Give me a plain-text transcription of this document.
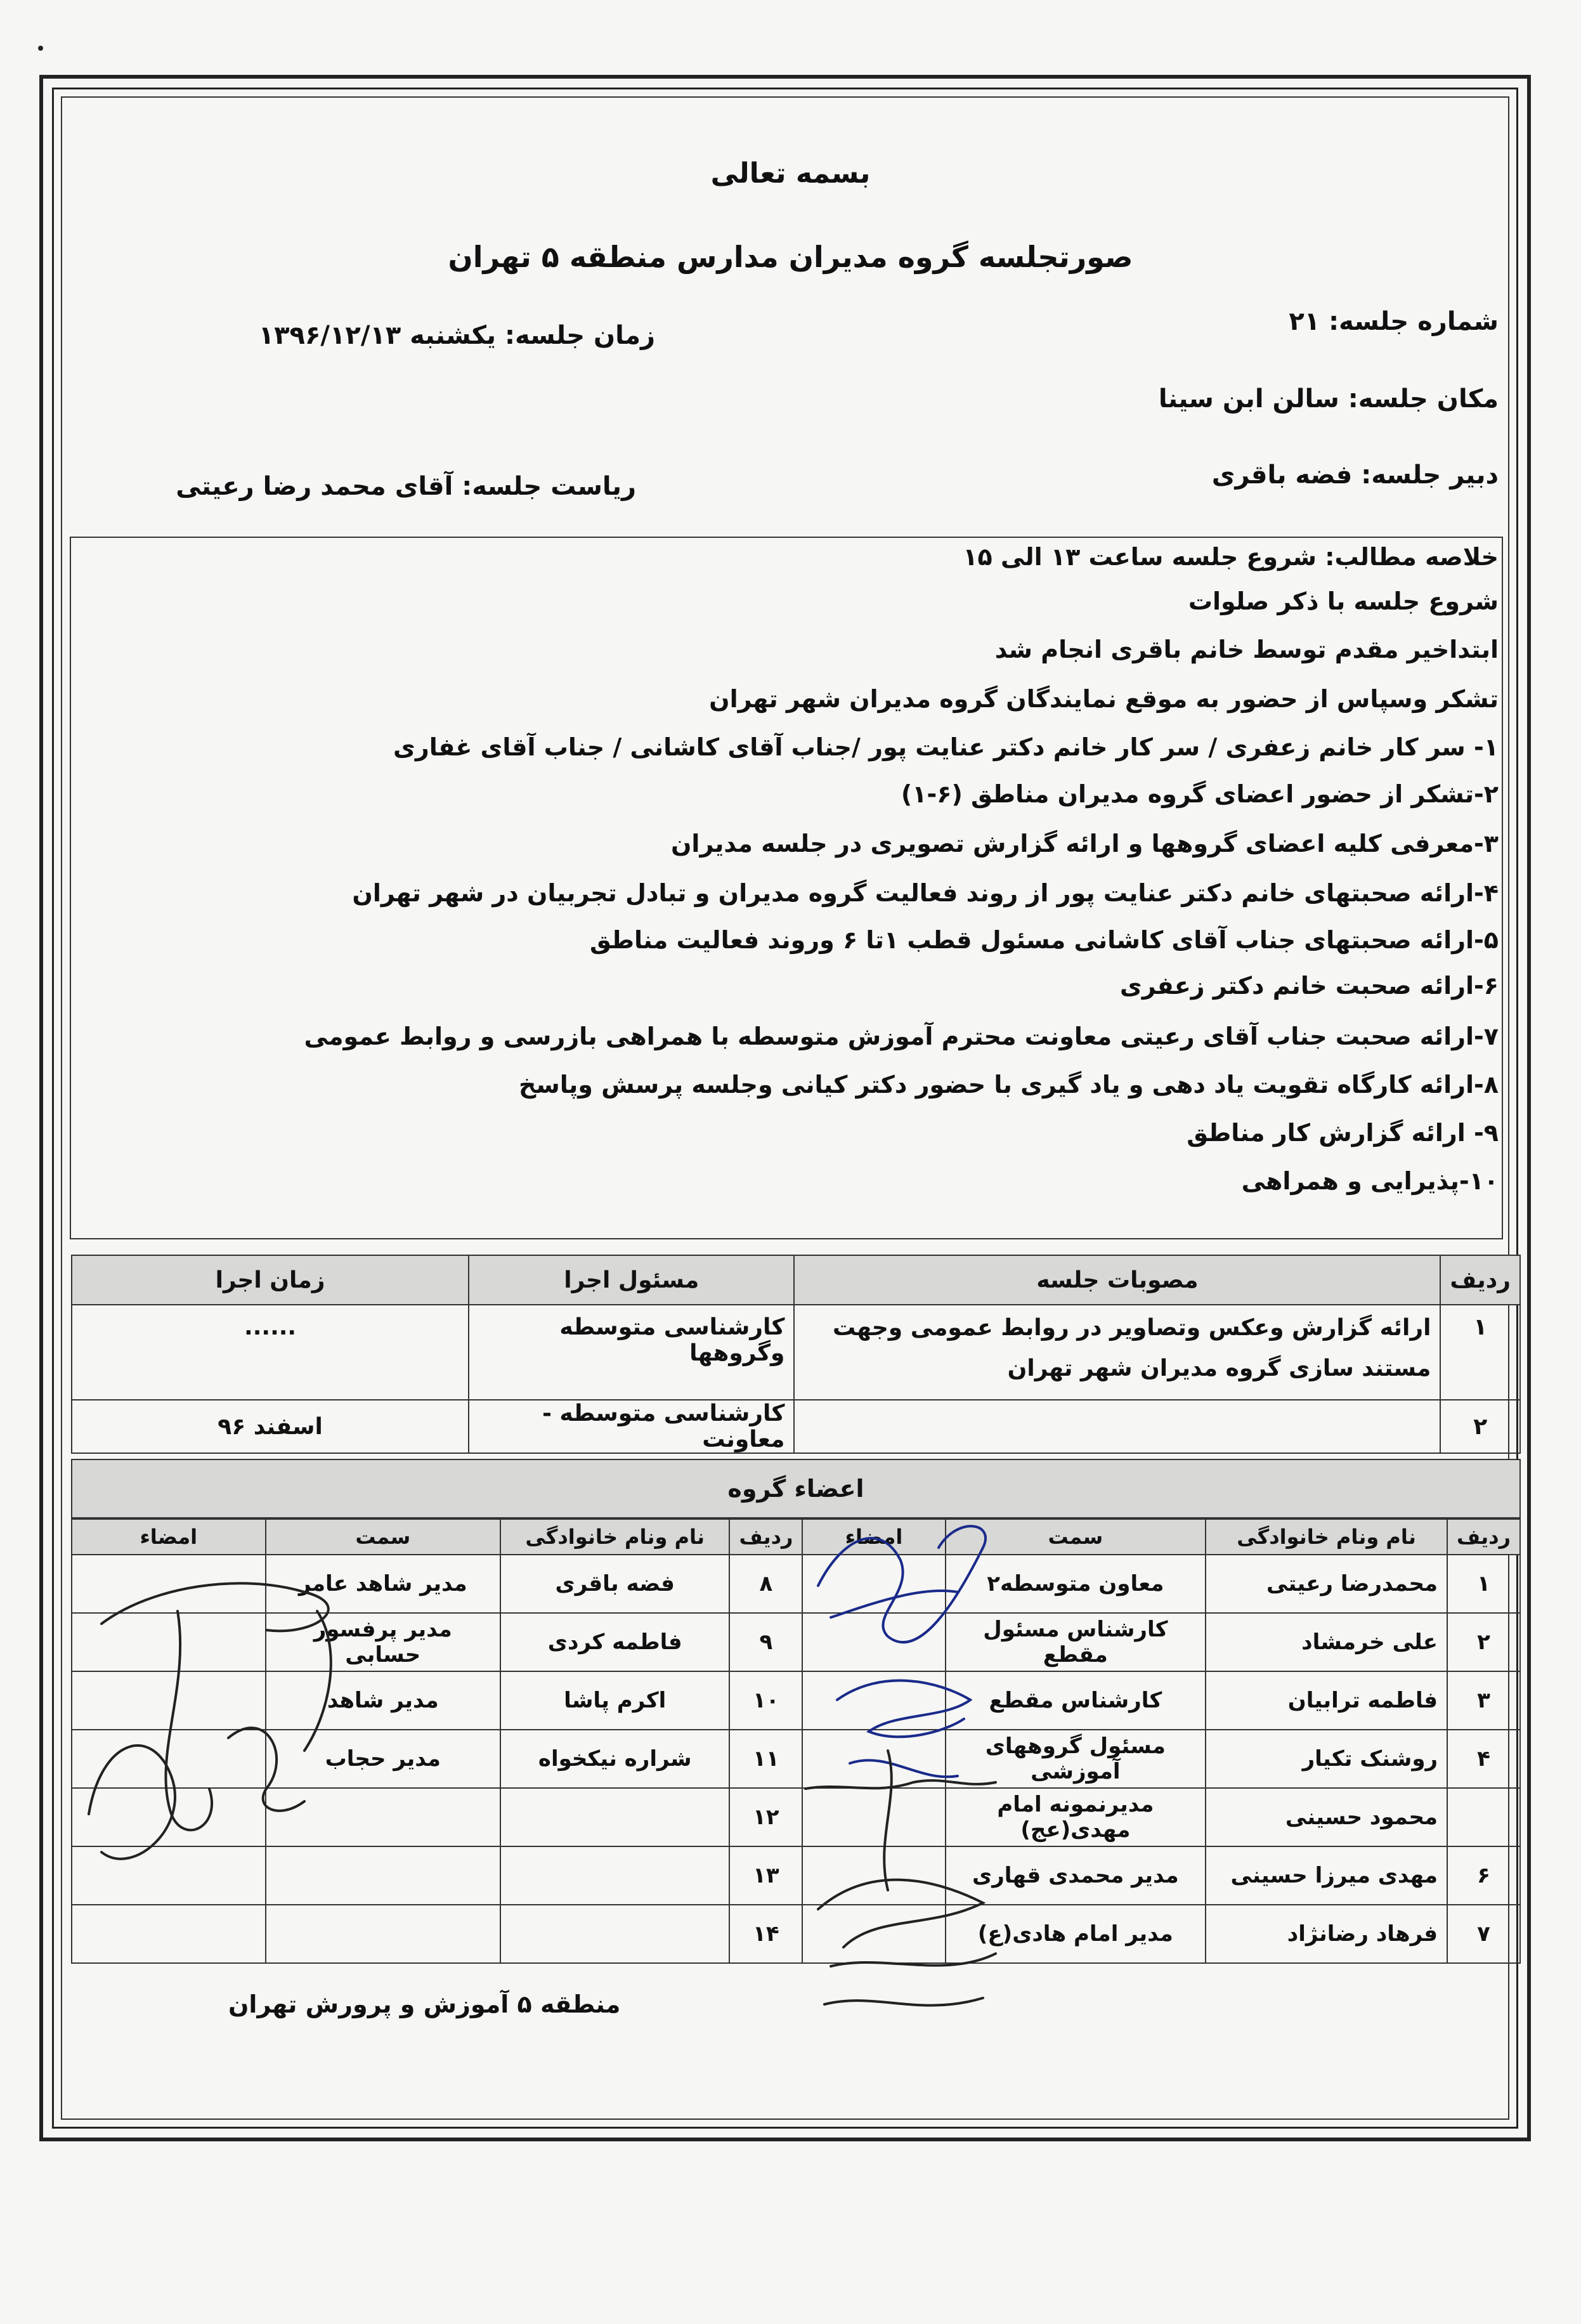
بسمه تعالی
صورتجلسه گروه مدیران مدارس منطقه ۵ تهران
شماره جلسه: ۲۱
زمان جلسه: یکشنبه ۱۳۹۶/۱۲/۱۳
مکان جلسه: سالن ابن سینا
دبیر جلسه: فضه باقری
ریاست جلسه: آقای محمد رضا رعیتی
خلاصه مطالب: شروع جلسه ساعت ۱۳ الی ۱۵
شروع جلسه با ذکر صلوات
ابتداخیر مقدم توسط خانم باقری انجام شد
تشکر وسپاس از حضور به موقع نمایندگان گروه مدیران شهر تهران
۱- سر کار خانم زعفری / سر کار خانم دکتر عنایت پور /جناب آقای کاشانی / جناب آقای غفاری
۲-تشکر از حضور اعضای گروه مدیران مناطق (۶-۱)
۳-معرفی کلیه اعضای گروهها و ارائه گزارش تصویری در جلسه مدیران
۴-ارائه صحبتهای خانم دکتر عنایت پور از روند فعالیت گروه مدیران و تبادل تجربیان در شهر تهران
۵-ارائه صحبتهای جناب آقای کاشانی مسئول قطب ۱تا ۶ وروند فعالیت مناطق
۶-ارائه صحبت خانم دکتر زعفری
۷-ارائه صحبت جناب آقای رعیتی معاونت محترم آموزش متوسطه با همراهی بازرسی و روابط عمومی
۸-ارائه کارگاه تقویت یاد دهی و یاد گیری با حضور دکتر کیانی وجلسه پرسش وپاسخ
۹- ارائه گزارش کار مناطق
۱۰-پذیرایی و همراهی
ردیف	مصوبات جلسه	مسئول اجرا	زمان اجرا
۱	ارائه گزارش وعکس وتصاویر در روابط عمومی وجهت مستند سازی گروه مدیران شهر تهران	کارشناسی متوسطه وگروهها	......
۲		کارشناسی متوسطه - معاونت	اسفند ۹۶
اعضاء گروه
ردیف	نام ونام خانوادگی	سمت	امضاء	ردیف	نام ونام خانوادگی	سمت	امضاء
۱	محمدرضا رعیتی	معاون متوسطه۲		۸	فضه باقری	مدیر شاهد عامر	
۲	علی خرمشاد	کارشناس مسئول مقطع		۹	فاطمه کردی	مدیر پرفسور حسابی	
۳	فاطمه ترابیان	کارشناس مقطع		۱۰	اکرم پاشا	مدیر شاهد	
۴	روشنک تکیار	مسئول گروههای آموزشی		۱۱	شراره نیکخواه	مدیر حجاب	
	محمود حسینی	مدیرنمونه امام مهدی(عج)		۱۲			
۶	مهدی میرزا حسینی	مدیر محمدی قهاری		۱۳			
۷	فرهاد رضانژاد	مدیر امام هادی(ع)		۱۴			
منطقه ۵ آموزش و پرورش تهران
